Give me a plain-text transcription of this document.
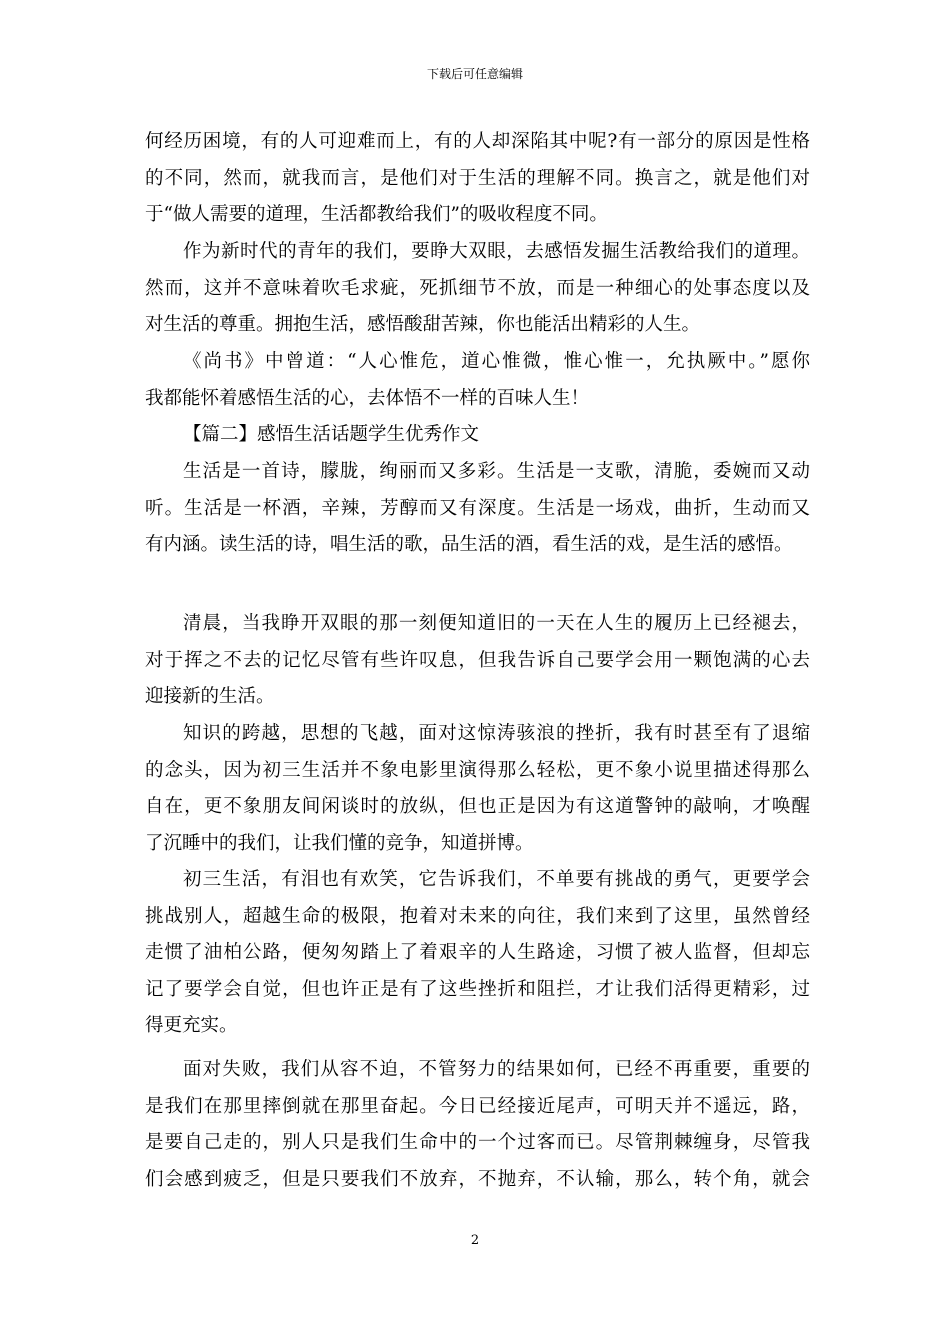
下载后可任意编辑
何经历困境，有的人可迎难而上，有的人却深陷其中呢?有一部分的原因是性格
的不同，然而，就我而言，是他们对于生活的理解不同。换言之，就是他们对
于“做人需要的道理，生活都教给我们”的吸收程度不同。
作为新时代的青年的我们，要睁大双眼，去感悟发掘生活教给我们的道理。
然而，这并不意味着吹毛求疵，死抓细节不放，而是一种细心的处事态度以及
对生活的尊重。拥抱生活，感悟酸甜苦辣，你也能活出精彩的人生。
《尚书》中曾道：“人心惟危，道心惟微，惟心惟一，允执厥中。”愿你
我都能怀着感悟生活的心，去体悟不一样的百味人生！
【篇二】感悟生活话题学生优秀作文
生活是一首诗，朦胧，绚丽而又多彩。生活是一支歌，清脆，委婉而又动
听。生活是一杯酒，辛辣，芳醇而又有深度。生活是一场戏，曲折，生动而又
有内涵。读生活的诗，唱生活的歌，品生活的酒，看生活的戏，是生活的感悟。
清晨，当我睁开双眼的那一刻便知道旧的一天在人生的履历上已经褪去，
对于挥之不去的记忆尽管有些许叹息，但我告诉自己要学会用一颗饱满的心去
迎接新的生活。
知识的跨越，思想的飞越，面对这惊涛骇浪的挫折，我有时甚至有了退缩
的念头，因为初三生活并不象电影里演得那么轻松，更不象小说里描述得那么
自在，更不象朋友间闲谈时的放纵，但也正是因为有这道警钟的敲响，才唤醒
了沉睡中的我们，让我们懂的竞争，知道拼博。
初三生活，有泪也有欢笑，它告诉我们，不单要有挑战的勇气，更要学会
挑战别人，超越生命的极限，抱着对未来的向往，我们来到了这里，虽然曾经
走惯了油柏公路，便匆匆踏上了着艰辛的人生路途，习惯了被人监督，但却忘
记了要学会自觉，但也许正是有了这些挫折和阻拦，才让我们活得更精彩，过
得更充实。
面对失败，我们从容不迫，不管努力的结果如何，已经不再重要，重要的
是我们在那里摔倒就在那里奋起。今日已经接近尾声，可明天并不遥远，路，
是要自己走的，别人只是我们生命中的一个过客而已。尽管荆棘缠身，尽管我
们会感到疲乏，但是只要我们不放弃，不抛弃，不认输，那么，转个角，就会
2
